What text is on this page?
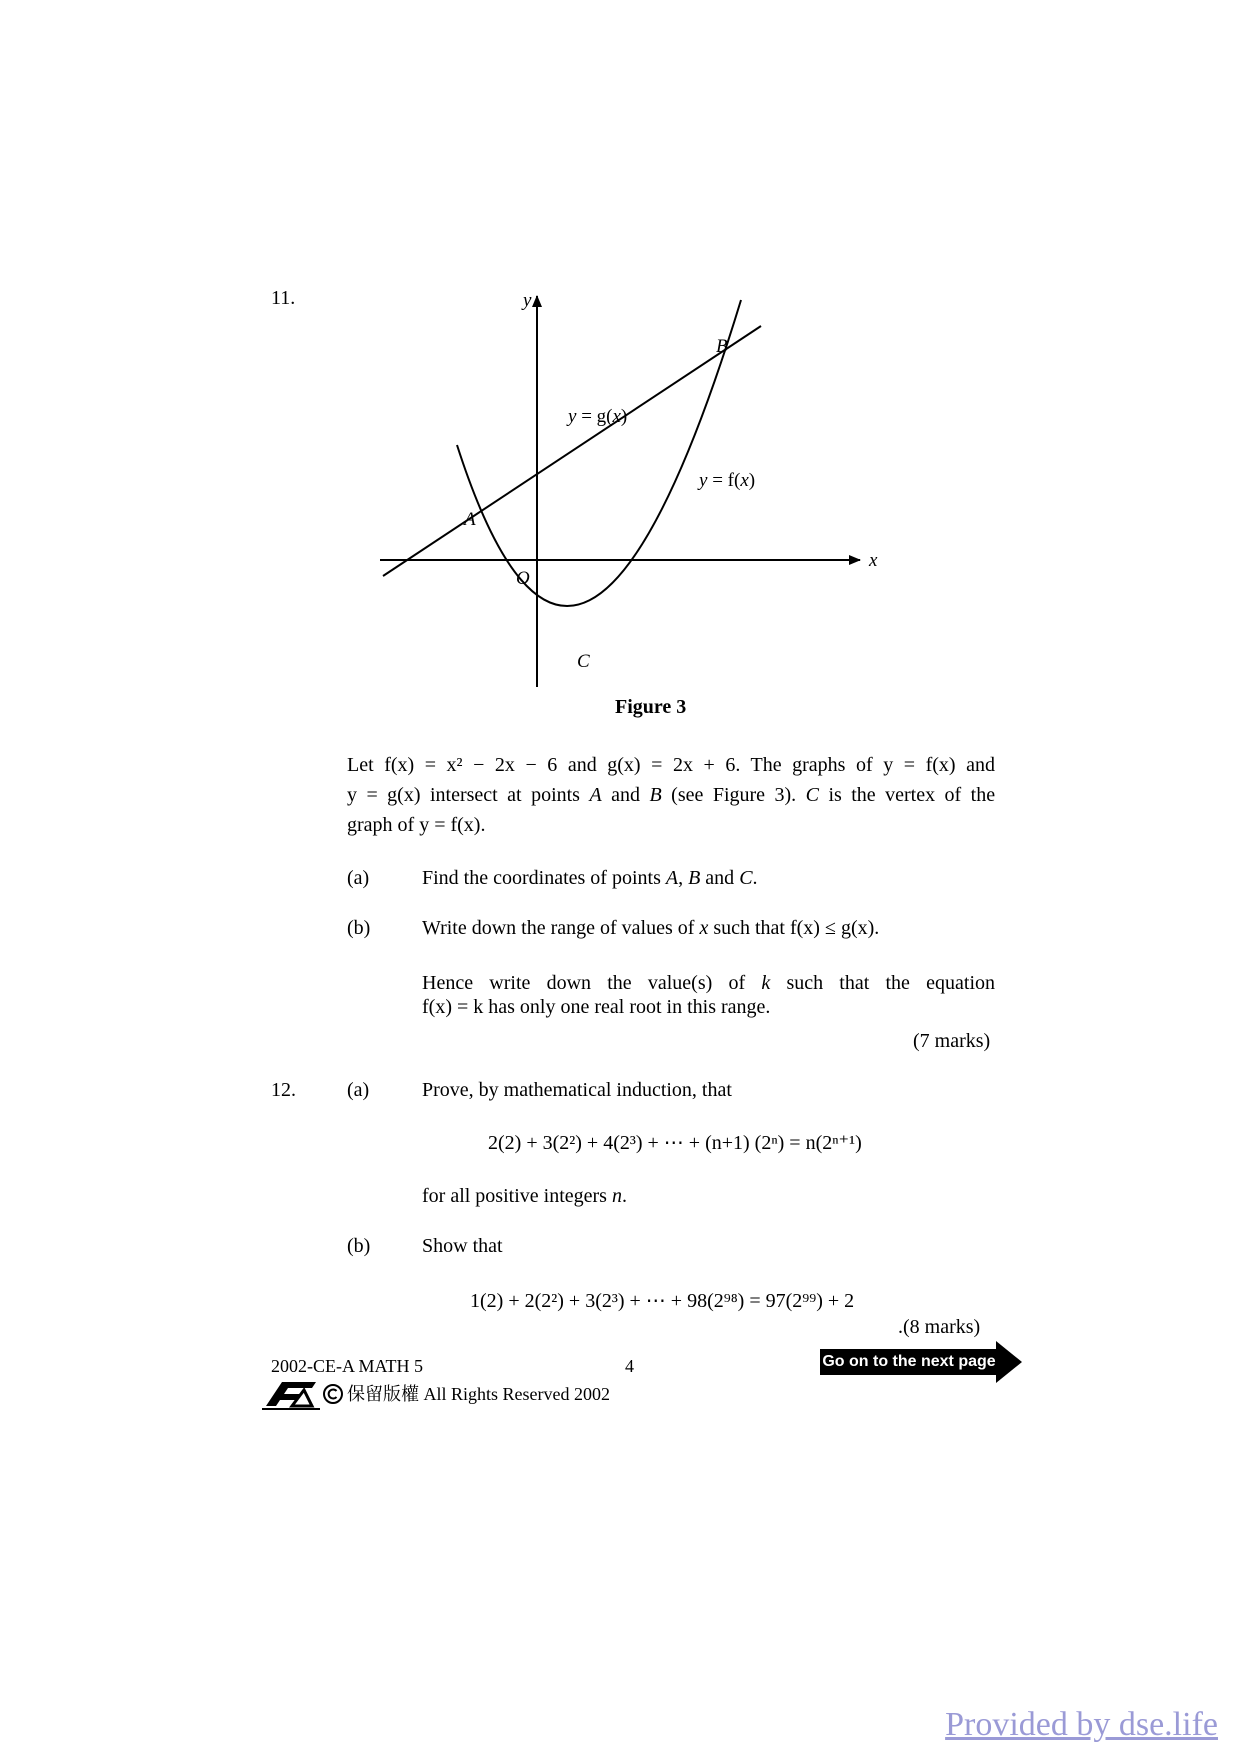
11.	y
x
O
A
B
C
y = g(x)
y = f(x)
Figure 3
Let f(x) = x² − 2x − 6 and g(x) = 2x + 6. The graphs of y = f(x) and
y = g(x) intersect at points A and B (see Figure 3). C is the vertex of the
graph of y = f(x).
(a)	Find the coordinates of points A, B and C.
(b)	Write down the range of values of x such that f(x) ≤ g(x).
Hence write down the value(s) of k such that the equation
f(x) = k has only one real root in this range.
(7 marks)
12.	(a)	Prove, by mathematical induction, that
2(2) + 3(2²) + 4(2³) + ⋯ + (n+1) (2ⁿ) = n(2ⁿ⁺¹)
for all positive integers n.
(b)	Show that
1(2) + 2(2²) + 3(2³) + ⋯ + 98(2⁹⁸) = 97(2⁹⁹) + 2
.(8 marks)
2002-CE-A MATH 5	4
保留版權 All Rights Reserved 2002
Go on to the next page
Provided by dse.life
